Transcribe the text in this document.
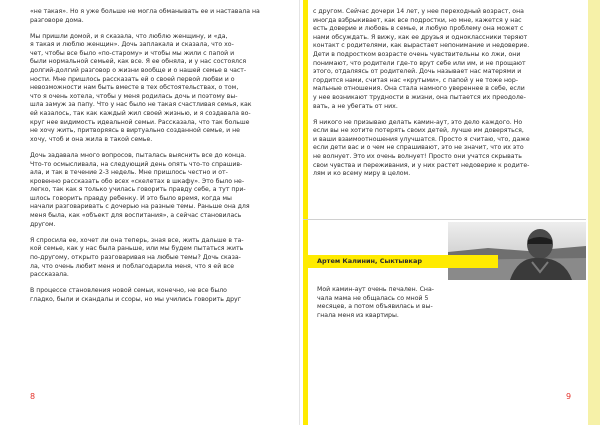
«не такая». Но я уже больше не могла обманывать ее и наставала на разговоре дома.

Мы пришли домой, и я сказала, что люблю женщину, и «да,
я такая и люблю женщин». Дочь заплакала и сказала, что хо-
чет, чтобы все было «по-старому» и чтобы мы жили с папой и
были нормальной семьей, как все. Я ее обняла, и у нас состоялся
долгий-долгий разговор о жизни вообще и о нашей семье в част-
ности. Мне пришлось рассказать ей о своей первой любви и о
невозможности нам быть вместе в тех обстоятельствах, о том,
что я очень хотела, чтобы у меня родилась дочь и поэтому вы-
шла замуж за папу. Что у нас было не такая счастливая семья, как
ей казалось, так как каждый жил своей жизнью, и я создавала во-
круг нее видимость идеальной семьи. Рассказала, что так больше
не хочу жить, притворяясь в виртуально созданной семье, и не
хочу, чтоб и она жила в такой семье.

Дочь задавала много вопросов, пыталась выяснить все до конца.
Что-то осмысливала, на следующий день опять что-то спрашив-
ала, и так в течение 2-3 недель. Мне пришлось честно и от-
кровенно рассказать обо всех «скелетах в шкафу». Это было не-
легко, так как я только училась говорить правду себе, а тут при-
шлось говорить правду ребенку. И это было время, когда мы
начали разговаривать с дочерью на разные темы. Раньше она для
меня была, как «объект для воспитания», а сейчас становилась
другом.

Я спросила ее, хочет ли она теперь, зная все, жить дальше в та-
кой семье, как у нас была раньше, или мы будем пытаться жить
по-другому, открыто разговаривая на любые темы? Дочь сказа-
ла, что очень любит меня и поблагодарила меня, что я ей все
рассказала.

В процессе становления новой семьи, конечно, не все было
гладко, были и скандалы и ссоры, но мы учились говорить друг

8

с другом. Сейчас дочери 14 лет, у нее переходный возраст, она
иногда взбрыкивает, как все подростки, но мне, кажется у нас
есть доверие и любовь в семье, и любую проблему она может с
нами обсуждать. Я вижу, как ее друзья и одноклассники теряют
контакт с родителями, как вырастает непонимание и недоверие.
Дети в подростком возрасте очень чувствительны ко лжи, они
понимают, что родители где-то врут себе или им, и не прощают
этого, отдаляясь от родителей. Дочь называет нас матерями и
гордится нами, считая нас «крутыми», с папой у не тоже нор-
мальные отношения. Она стала намного увереннее в себе, если
у нее возникают трудности в жизни, она пытается их преодоле-
вать, а не убегать от них.

Я никого не призываю делать камин-аут, это дело каждого. Но
если вы не хотите потерять своих детей, лучше им доверяться,
и ваши взаимоотношения улучшатся. Просто я считаю, что, даже
если дети вас и о чем не спрашивают, это не значит, что их это
не волнует. Это их очень волнует! Просто они учатся скрывать
свои чувства и переживания, и у них растет недоверие к родите-
лям и ко всему миру в целом.

Артем Калинин, Сыктывкар

Мой камин-аут очень печален. Сна-
чала мама не общалась со мной 5
месяцев, а потом объявилась и вы-
гнала меня из квартиры.

9
